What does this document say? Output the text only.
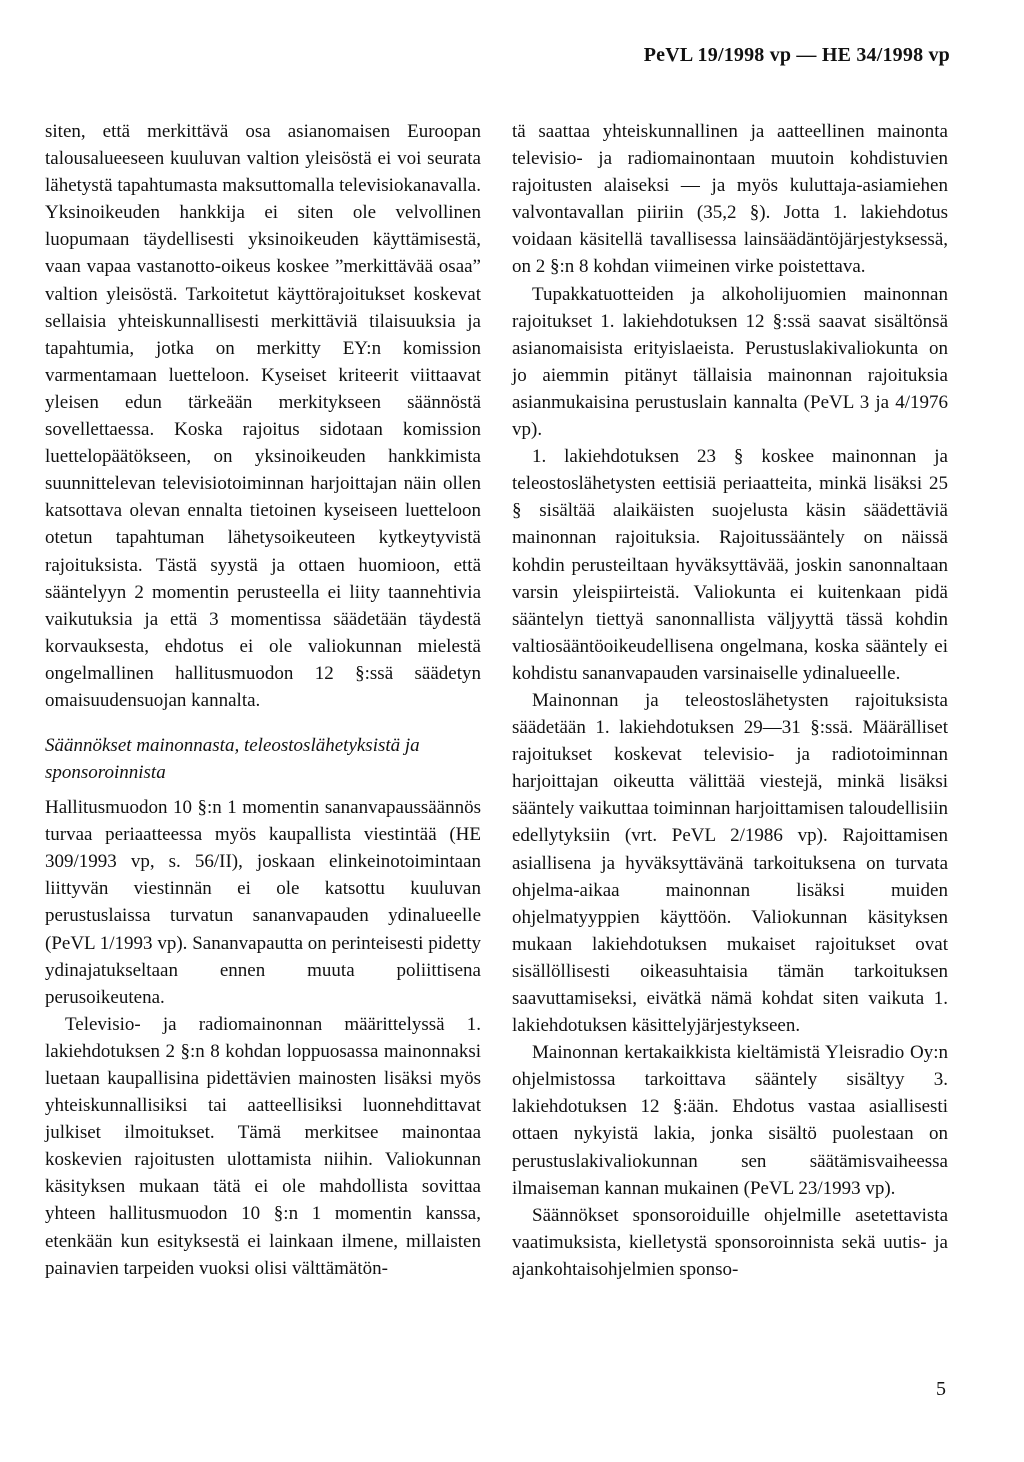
PeVL 19/1998 vp — HE 34/1998 vp

siten, että merkittävä osa asianomaisen Euroopan talousalueeseen kuuluvan valtion yleisöstä ei voi seurata lähetystä tapahtumasta maksuttomalla televisiokanavalla. Yksinoikeuden hankkija ei siten ole velvollinen luopumaan täydellisesti yksinoikeuden käyttämisestä, vaan vapaa vastanotto-oikeus koskee ”merkittävää osaa” valtion yleisöstä. Tarkoitetut käyttörajoitukset koskevat sellaisia yhteiskunnallisesti merkittäviä tilaisuuksia ja tapahtumia, jotka on merkitty EY:n komission varmentamaan luetteloon. Kyseiset kriteerit viittaavat yleisen edun tärkeään merkitykseen säännöstä sovellettaessa. Koska rajoitus sidotaan komission luettelopäätökseen, on yksinoikeuden hankkimista suunnittelevan televisiotoiminnan harjoittajan näin ollen katsottava olevan ennalta tietoinen kyseiseen luetteloon otetun tapahtuman lähetysoikeuteen kytkeytyvistä rajoituksista. Tästä syystä ja ottaen huomioon, että sääntelyyn 2 momentin perusteella ei liity taannehtivia vaikutuksia ja että 3 momentissa säädetään täydestä korvauksesta, ehdotus ei ole valiokunnan mielestä ongelmallinen hallitusmuodon 12 §:ssä säädetyn omaisuudensuojan kannalta.

Säännökset mainonnasta, teleostoslähetyksistä ja sponsoroinnista

Hallitusmuodon 10 §:n 1 momentin sananvapaussäännös turvaa periaatteessa myös kaupallista viestintää (HE 309/1993 vp, s. 56/II), joskaan elinkeinotoimintaan liittyvän viestinnän ei ole katsottu kuuluvan perustuslaissa turvatun sananvapauden ydinalueelle (PeVL 1/1993 vp). Sananvapautta on perinteisesti pidetty ydinajatukseltaan ennen muuta poliittisena perusoikeutena.

Televisio- ja radiomainonnan määrittelyssä 1. lakiehdotuksen 2 §:n 8 kohdan loppuosassa mainonnaksi luetaan kaupallisina pidettävien mainosten lisäksi myös yhteiskunnallisiksi tai aatteellisiksi luonnehdittavat julkiset ilmoitukset. Tämä merkitsee mainontaa koskevien rajoitusten ulottamista niihin. Valiokunnan käsityksen mukaan tätä ei ole mahdollista sovittaa yhteen hallitusmuodon 10 §:n 1 momentin kanssa, etenkään kun esityksestä ei lainkaan ilmene, millaisten painavien tarpeiden vuoksi olisi välttämätön-

tä saattaa yhteiskunnallinen ja aatteellinen mainonta televisio- ja radiomainontaan muutoin kohdistuvien rajoitusten alaiseksi — ja myös kuluttaja-asiamiehen valvontavallan piiriin (35,2 §). Jotta 1. lakiehdotus voidaan käsitellä tavallisessa lainsäädäntöjärjestyksessä, on 2 §:n 8 kohdan viimeinen virke poistettava.

Tupakkatuotteiden ja alkoholijuomien mainonnan rajoitukset 1. lakiehdotuksen 12 §:ssä saavat sisältönsä asianomaisista erityislaeista. Perustuslakivaliokunta on jo aiemmin pitänyt tällaisia mainonnan rajoituksia asianmukaisina perustuslain kannalta (PeVL 3 ja 4/1976 vp).

1. lakiehdotuksen 23 § koskee mainonnan ja teleostoslähetysten eettisiä periaatteita, minkä lisäksi 25 § sisältää alaikäisten suojelusta käsin säädettäviä mainonnan rajoituksia. Rajoitussääntely on näissä kohdin perusteiltaan hyväksyttävää, joskin sanonnaltaan varsin yleispiirteistä. Valiokunta ei kuitenkaan pidä sääntelyn tiettyä sanonnallista väljyyttä tässä kohdin valtiosääntöoikeudellisena ongelmana, koska sääntely ei kohdistu sananvapauden varsinaiselle ydinalueelle.

Mainonnan ja teleostoslähetysten rajoituksista säädetään 1. lakiehdotuksen 29—31 §:ssä. Määrälliset rajoitukset koskevat televisio- ja radiotoiminnan harjoittajan oikeutta välittää viestejä, minkä lisäksi sääntely vaikuttaa toiminnan harjoittamisen taloudellisiin edellytyksiin (vrt. PeVL 2/1986 vp). Rajoittamisen asiallisena ja hyväksyttävänä tarkoituksena on turvata ohjelma-aikaa mainonnan lisäksi muiden ohjelmatyyppien käyttöön. Valiokunnan käsityksen mukaan lakiehdotuksen mukaiset rajoitukset ovat sisällöllisesti oikeasuhtaisia tämän tarkoituksen saavuttamiseksi, eivätkä nämä kohdat siten vaikuta 1. lakiehdotuksen käsittelyjärjestykseen.

Mainonnan kertakaikkista kieltämistä Yleisradio Oy:n ohjelmistossa tarkoittava sääntely sisältyy 3. lakiehdotuksen 12 §:ään. Ehdotus vastaa asiallisesti ottaen nykyistä lakia, jonka sisältö puolestaan on perustuslakivaliokunnan sen säätämisvaiheessa ilmaiseman kannan mukainen (PeVL 23/1993 vp).

Säännökset sponsoroiduille ohjelmille asetettavista vaatimuksista, kielletystä sponsoroinnista sekä uutis- ja ajankohtaisohjelmien sponso-

5
